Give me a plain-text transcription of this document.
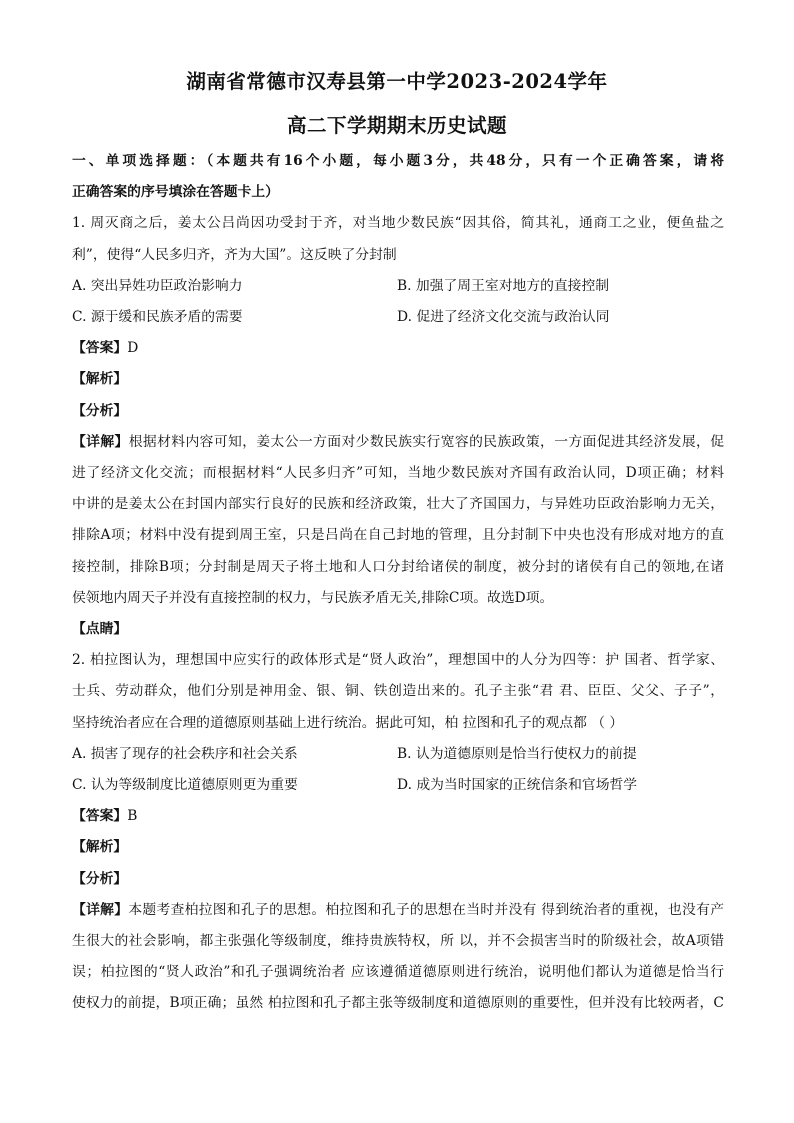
湖南省常德市汉寿县第一中学2023-2024学年
高二下学期期末历史试题
一、单项选择题：（本题共有16个小题，每小题3分，共48分，只有一个正确答案，请将
正确答案的序号填涂在答题卡上）
1. 周灭商之后，姜太公吕尚因功受封于齐，对当地少数民族“因其俗，简其礼，通商工之业，便鱼盐之
利”，使得“人民多归齐，齐为大国”。这反映了分封制
A. 突出异姓功臣政治影响力	B. 加强了周王室对地方的直接控制
C. 源于缓和民族矛盾的需要	D. 促进了经济文化交流与政治认同
【答案】D
【解析】
【分析】
【详解】根据材料内容可知，姜太公一方面对少数民族实行宽容的民族政策，一方面促进其经济发展，促
进了经济文化交流；而根据材料“人民多归齐”可知，当地少数民族对齐国有政治认同，D项正确；材料
中讲的是姜太公在封国内部实行良好的民族和经济政策，壮大了齐国国力，与异姓功臣政治影响力无关，
排除A项；材料中没有提到周王室，只是吕尚在自己封地的管理，且分封制下中央也没有形成对地方的直
接控制，排除B项；分封制是周天子将土地和人口分封给诸侯的制度，被分封的诸侯有自己的领地,在诸
侯领地内周天子并没有直接控制的权力，与民族矛盾无关,排除C项。故选D项。
【点睛】
2. 柏拉图认为，理想国中应实行的政体形式是“贤人政治”，理想国中的人分为四等：护 国者、哲学家、
士兵、劳动群众，他们分别是神用金、银、铜、铁创造出来的。孔子主张“君 君、臣臣、父父、子子”，
坚持统治者应在合理的道德原则基础上进行统治。据此可知，柏 拉图和孔子的观点都 （ ）
A. 损害了现存的社会秩序和社会关系	B. 认为道德原则是恰当行使权力的前提
C. 认为等级制度比道德原则更为重要	D. 成为当时国家的正统信条和官场哲学
【答案】B
【解析】
【分析】
【详解】本题考查柏拉图和孔子的思想。柏拉图和孔子的思想在当时并没有 得到统治者的重视，也没有产
生很大的社会影响，都主张强化等级制度，维持贵族特权，所 以，并不会损害当时的阶级社会，故A项错
误；柏拉图的“贤人政治”和孔子强调统治者 应该遵循道德原则进行统治，说明他们都认为道德是恰当行
使权力的前提，B项正确；虽然 柏拉图和孔子都主张等级制度和道德原则的重要性，但并没有比较两者，C
